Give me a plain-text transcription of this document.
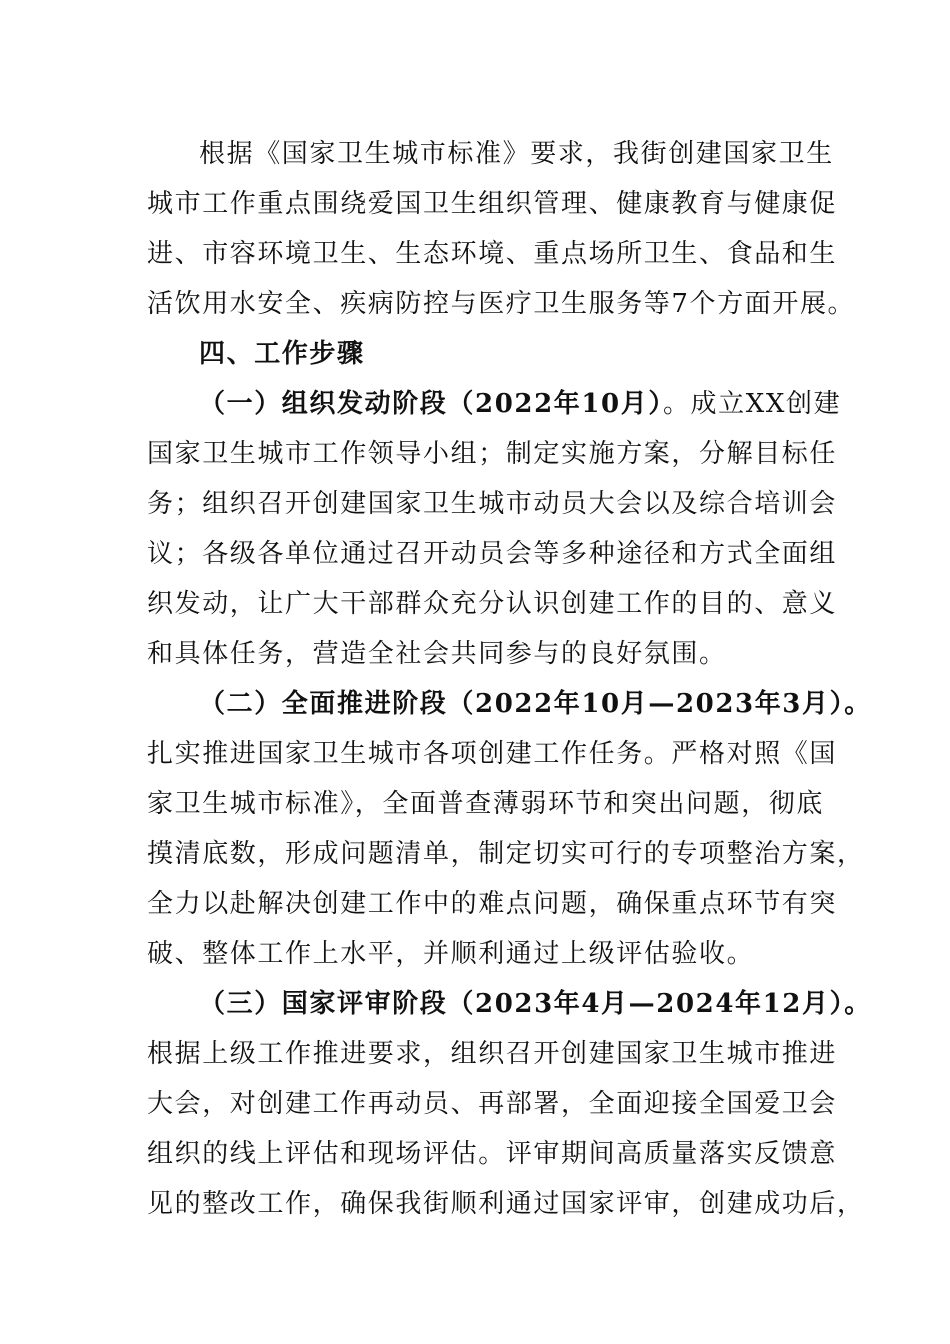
根据《国家卫生城市标准》要求，我街创建国家卫生
城市工作重点围绕爱国卫生组织管理、健康教育与健康促
进、市容环境卫生、生态环境、重点场所卫生、食品和生
活饮用水安全、疾病防控与医疗卫生服务等7个方面开展。
四、工作步骤
（一）组织发动阶段（2022年10月）。成立XX创建
国家卫生城市工作领导小组；制定实施方案，分解目标任
务；组织召开创建国家卫生城市动员大会以及综合培训会
议；各级各单位通过召开动员会等多种途径和方式全面组
织发动，让广大干部群众充分认识创建工作的目的、意义
和具体任务，营造全社会共同参与的良好氛围。
（二）全面推进阶段（2022年10月—2023年3月）。
扎实推进国家卫生城市各项创建工作任务。严格对照《国
家卫生城市标准》，全面普查薄弱环节和突出问题，彻底
摸清底数，形成问题清单，制定切实可行的专项整治方案，
全力以赴解决创建工作中的难点问题，确保重点环节有突
破、整体工作上水平，并顺利通过上级评估验收。
（三）国家评审阶段（2023年4月—2024年12月）。
根据上级工作推进要求，组织召开创建国家卫生城市推进
大会，对创建工作再动员、再部署，全面迎接全国爱卫会
组织的线上评估和现场评估。评审期间高质量落实反馈意
见的整改工作，确保我街顺利通过国家评审，创建成功后，
